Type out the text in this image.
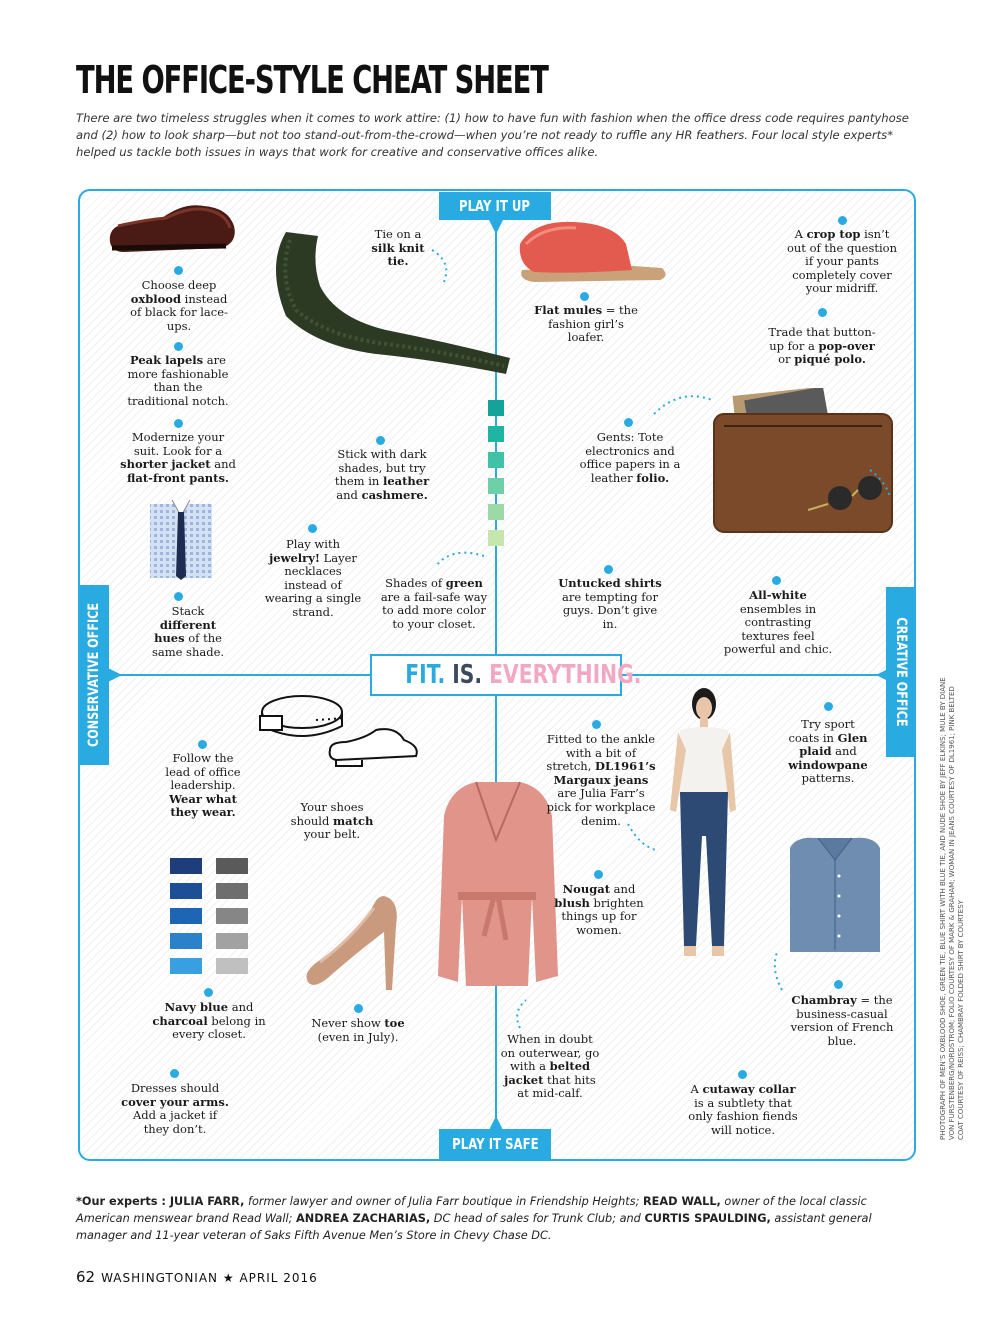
THE OFFICE-STYLE CHEAT SHEET
There are two timeless struggles when it comes to work attire: (1) how to have fun with fashion when the office dress code requires pantyhose and (2) how to look sharp—but not too stand-out-from-the-crowd—when you’re not ready to ruffle any HR feathers. Four local style experts* helped us tackle both issues in ways that work for creative and conservative offices alike.
PLAY IT UP
PLAY IT SAFE
CONSERVATIVE OFFICE	CREATIVE OFFICE
FIT. IS. EVERYTHING.
Choose deep oxblood instead of black for lace-ups.
Peak lapels are more fashionable than the traditional notch.
Modernize your suit. Look for a shorter jacket and flat-front pants.
Stack different hues of the same shade.
Tie on a silk knit tie.
Stick with dark shades, but try them in leather and cashmere.
Play with jewelry! Layer necklaces instead of wearing a single strand.
Shades of green are a fail-safe way to add more color to your closet.
Flat mules = the fashion girl’s loafer.
A crop top isn’t out of the question if your pants completely cover your midriff.
Trade that button-up for a pop-over or piqué polo.
Gents: Tote electronics and office papers in a leather folio.
Untucked shirts are tempting for guys. Don’t give in.
All-white ensembles in contrasting textures feel powerful and chic.
Follow the lead of office leadership. Wear what they wear.	Your shoes should match your belt.
Navy blue and charcoal belong in every closet.
Never show toe (even in July).
Dresses should cover your arms. Add a jacket if they don’t.
Fitted to the ankle with a bit of stretch, DL1961’s Margaux jeans are Julia Farr’s pick for workplace denim.
Nougat and blush brighten things up for women.
When in doubt on outerwear, go with a belted jacket that hits at mid-calf.
Try sport coats in Glen plaid and windowpane patterns.
Chambray = the business-casual version of French blue.
A cutaway collar is a subtlety that only fashion fiends will notice.
*Our experts : JULIA FARR, former lawyer and owner of Julia Farr boutique in Friendship Heights; READ WALL, owner of the local classic American menswear brand Read Wall; ANDREA ZACHARIAS, DC head of sales for Trunk Club; and CURTIS SPAULDING, assistant general manager and 11-year veteran of Saks Fifth Avenue Men’s Store in Chevy Chase DC.
62 WASHINGTONIAN ★ APRIL 2016
PHOTOGRAPH OF MEN’S OXBLOOD SHOE, GREEN TIE, BLUE SHIRT WITH BLUE TIE, AND NUDE SHOE BY JEFF ELKINS; MULE BY DIANE VON FURSTENBERG/NORDSTROM; FOLIO COURTESY OF MARK & GRAHAM; WOMAN IN JEANS COURTESY OF DL1961; PINK BELTED COAT COURTESY OF REISS; CHAMBRAY FOLDED SHIRT BY COURTESY
